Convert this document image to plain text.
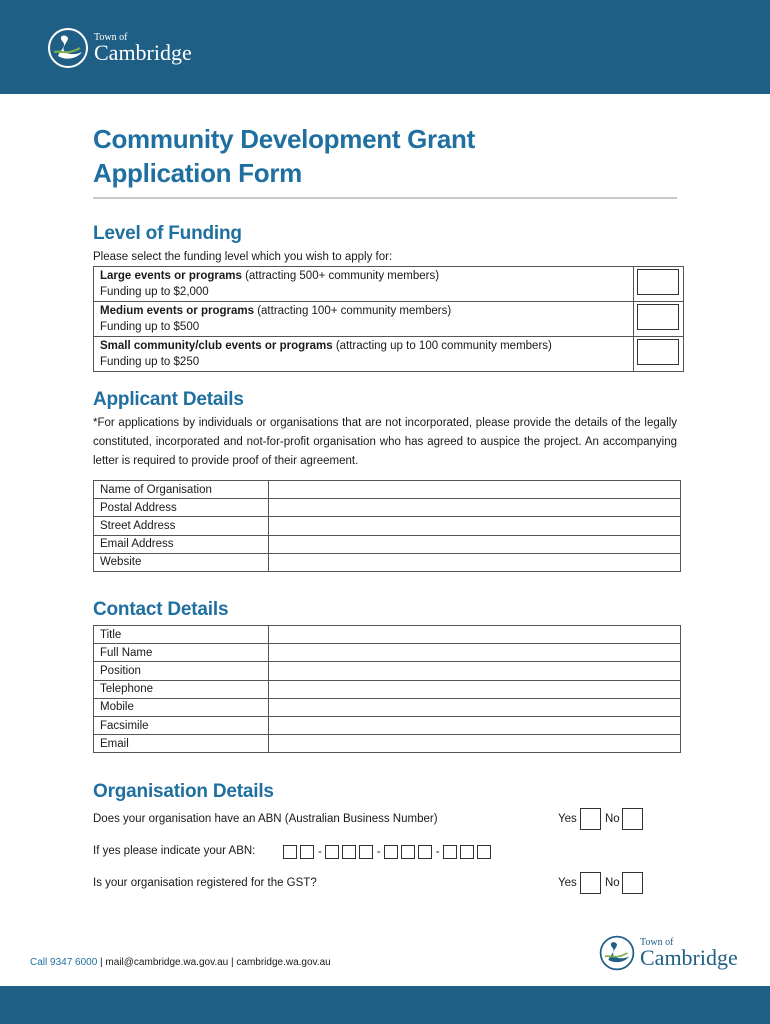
Town of
Cambridge
Community Development Grant
Application Form
Level of Funding
Please select the funding level which you wish to apply for:
Large events or programs (attracting 500+ community members)
Funding up to $2,000	

Medium events or programs (attracting 100+ community members)
Funding up to $500	

Small community/club events or programs (attracting up to 100 community members)
Funding up to $250	
Applicant Details
*For applications by individuals or organisations that are not incorporated, please provide the details of the legally constituted, incorporated and not-for-profit organisation who has agreed to auspice the project. An accompanying letter is required to provide proof of their agreement.
Name of Organisation	
Postal Address	
Street Address	
Email Address	
Website	
Contact Details
Title	
Full Name	
Position	
Telephone	
Mobile	
Facsimile	
Email	
Organisation Details
Does your organisation have an ABN (Australian Business Number)	Yes No
If yes please indicate your ABN:	-	-	-
Is your organisation registered for the GST?	Yes No
Call 9347 6000 | mail@cambridge.wa.gov.au | cambridge.wa.gov.au
Town of
Cambridge
